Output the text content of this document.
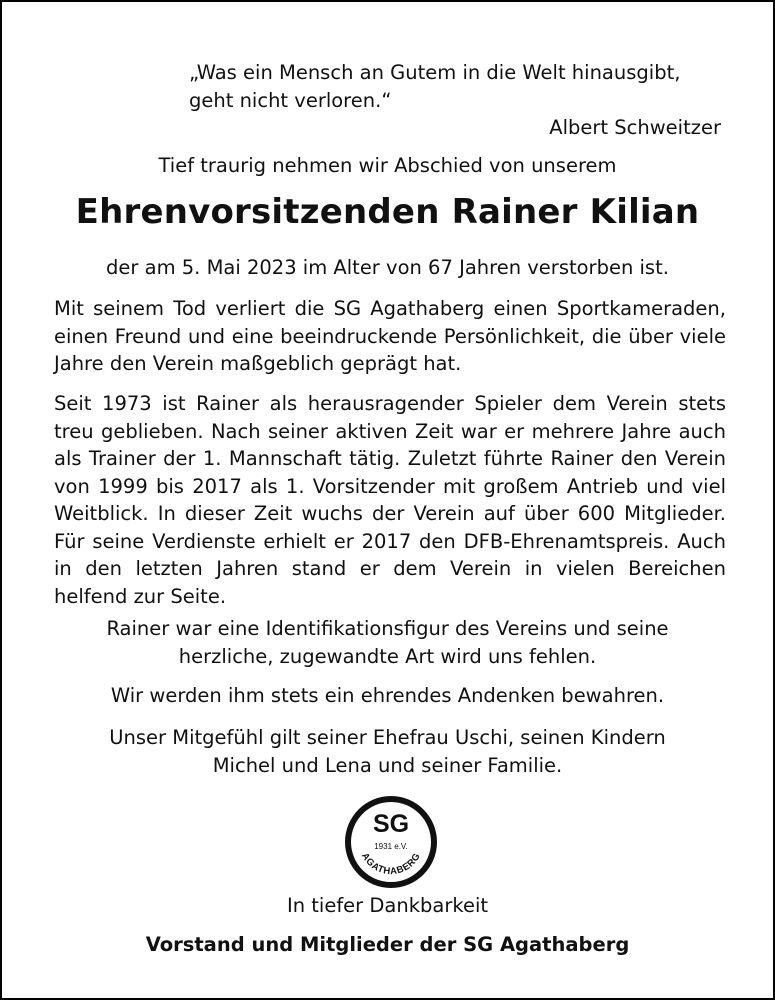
„Was ein Mensch an Gutem in die Welt hinausgibt,
geht nicht verloren.“
Albert Schweitzer
Tief traurig nehmen wir Abschied von unserem
Ehrenvorsitzenden Rainer Kilian
der am 5. Mai 2023 im Alter von 67 Jahren verstorben ist.
Mit seinem Tod verliert die SG Agathaberg einen Sportkameraden, einen Freund und eine beeindruckende Persönlichkeit, die über viele Jahre den Verein maßgeblich geprägt hat.
Seit 1973 ist Rainer als herausragender Spieler dem Verein stets treu geblieben. Nach seiner aktiven Zeit war er mehrere Jahre auch als Trainer der 1. Mannschaft tätig. Zuletzt führte Rainer den Verein von 1999 bis 2017 als 1. Vorsitzender mit großem Antrieb und viel Weitblick. In dieser Zeit wuchs der Verein auf über 600 Mitglieder. Für seine Verdienste erhielt er 2017 den DFB-Ehrenamtspreis. Auch in den letzten Jahren stand er dem Verein in vielen Bereichen helfend zur Seite.
Rainer war eine Identifikationsfigur des Vereins und seine
herzliche, zugewandte Art wird uns fehlen.
Wir werden ihm stets ein ehrendes Andenken bewahren.
Unser Mitgefühl gilt seiner Ehefrau Uschi, seinen Kindern
Michel und Lena und seiner Familie.
SG
1931 e.V.
AGATHABERG
In tiefer Dankbarkeit
Vorstand und Mitglieder der SG Agathaberg
